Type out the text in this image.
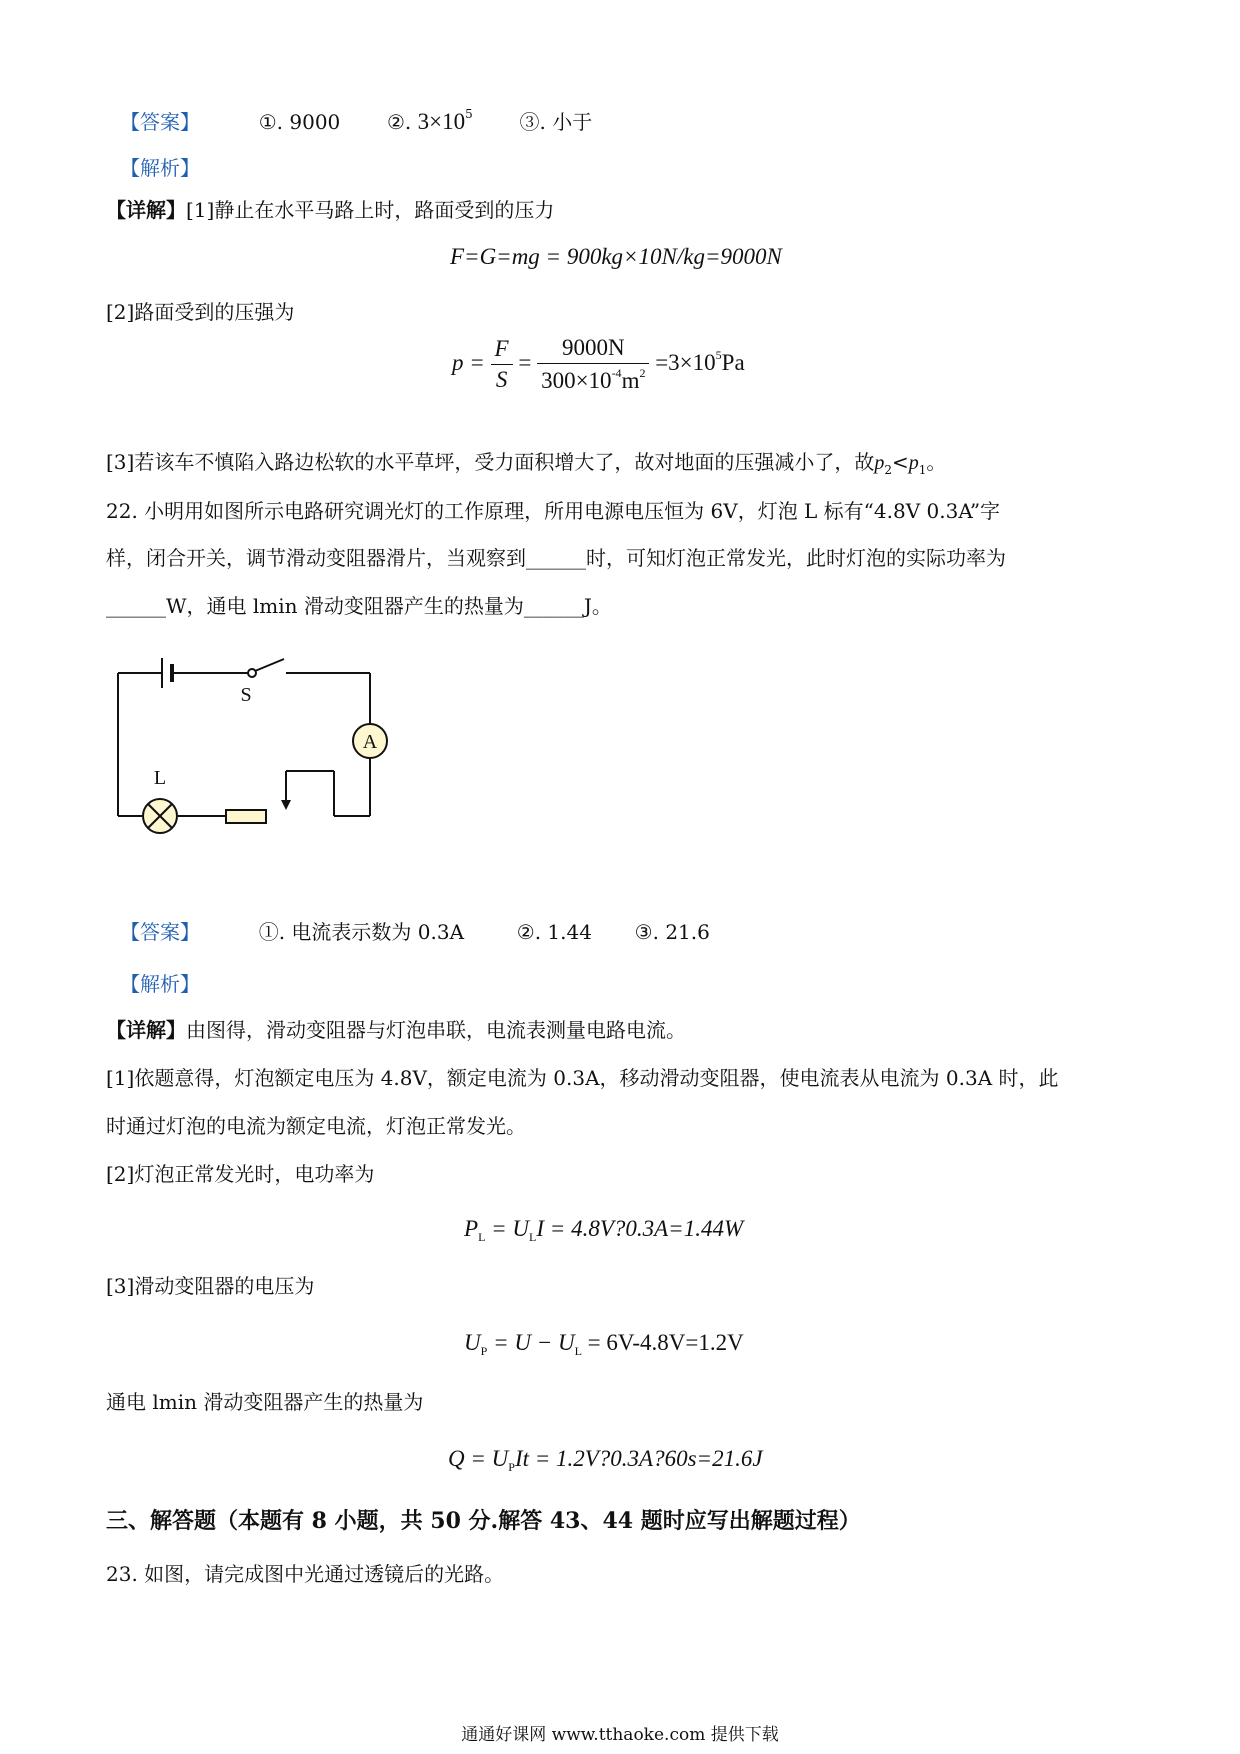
【答案】	①. 9000 ②. $3\times 10^5$ ③. 小于
【解析】
【详解】[1]静止在水平马路上时，路面受到的压力
F=G=mg = 900kg×10N/kg=9000N
[2]路面受到的压强为
$p = \frac{F}{S} = \frac{9000N}{300\times 10^{-4}m^2} =3\times 10^5Pa$
[3]若该车不慎陷入路边松软的水平草坪，受力面积增大了，故对地面的压强减小了，故$p_2<p_1$。
22. 小明用如图所示电路研究调光灯的工作原理，所用电源电压恒为 6V，灯泡 L 标有“4.8V 0.3A”字
样，闭合开关，调节滑动变阻器滑片，当观察到______时，可知灯泡正常发光，此时灯泡的实际功率为
______W，通电 lmin 滑动变阻器产生的热量为______J。
A
L
S
【答案】	①. 电流表示数为 0.3A	②. 1.44 ③. 21.6
【解析】
【详解】由图得，滑动变阻器与灯泡串联，电流表测量电路电流。
[1]依题意得，灯泡额定电压为 4.8V，额定电流为 0.3A，移动滑动变阻器，使电流表从电流为 0.3A 时，此
时通过灯泡的电流为额定电流，灯泡正常发光。
[2]灯泡正常发光时，电功率为
$P_L = U_LI$ = 4.8V?0.3A=1.44W
[3]滑动变阻器的电压为
$U_P = U - U_L = 6V-4.8V=1.2V$
通电 lmin 滑动变阻器产生的热量为
$Q = U_PIt$ = 1.2V?0.3A?60s=21.6J
三、解答题（本题有 8 小题，共 50 分.解答 43、44 题时应写出解题过程）
23. 如图，请完成图中光通过透镜后的光路。
通通好课网 www.tthaoke.com 提供下载
